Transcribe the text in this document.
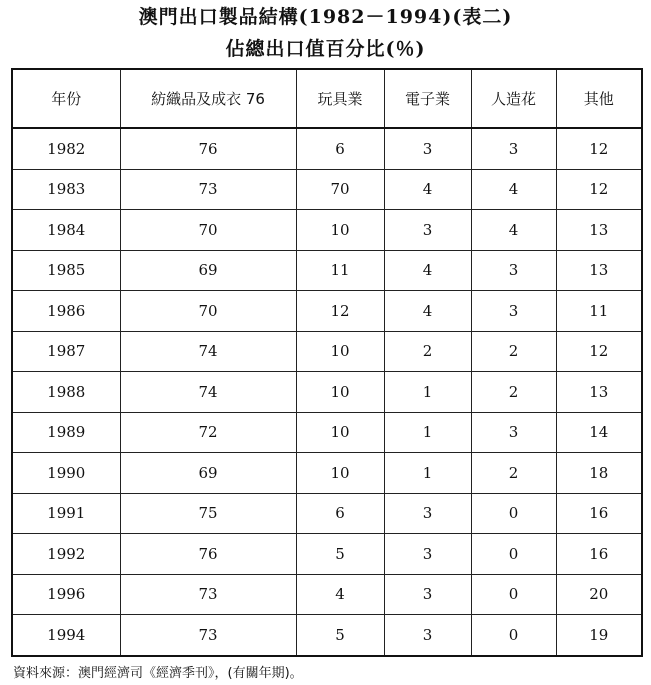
澳門出口製品結構(1982－1994)(表二)
佔總出口值百分比(％)
年份	紡織品及成衣 76	玩具業	電子業	人造花	其他
1982	76	6	3	3	12
1983	73	70	4	4	12
1984	70	10	3	4	13
1985	69	11	4	3	13
1986	70	12	4	3	11
1987	74	10	2	2	12
1988	74	10	1	2	13
1989	72	10	1	3	14
1990	69	10	1	2	18
1991	75	6	3	0	16
1992	76	5	3	0	16
1996	73	4	3	0	20
1994	73	5	3	0	19
資料來源：澳門經濟司《經濟季刊》，(有關年期)。
